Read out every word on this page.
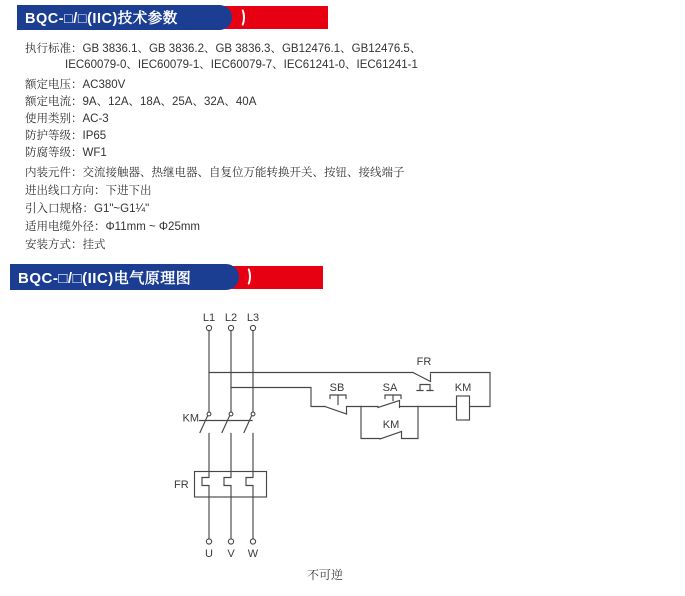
BQC-□/□(IIC)技术参数
执行标准：GB 3836.1、GB 3836.2、GB 3836.3、GB12476.1、GB12476.5、
IEC60079-0、IEC60079-1、IEC60079-7、IEC61241-0、IEC61241-1
额定电压：AC380V
额定电流：9A、12A、18A、25A、32A、40A
使用类别：AC-3
防护等级：IP65
防腐等级：WF1
内装元件：交流接触器、热继电器、自复位万能转换开关、按钮、接线端子
进出线口方向：下进下出
引入口规格：G1"~G1¼"
适用电缆外径：Φ11mm ~ Φ25mm
安装方式：挂式
BQC-□/□(IIC)电气原理图
L1 L2 L3
KM
FR
U V W
SB	SA
KM
FR
KM
不可逆
